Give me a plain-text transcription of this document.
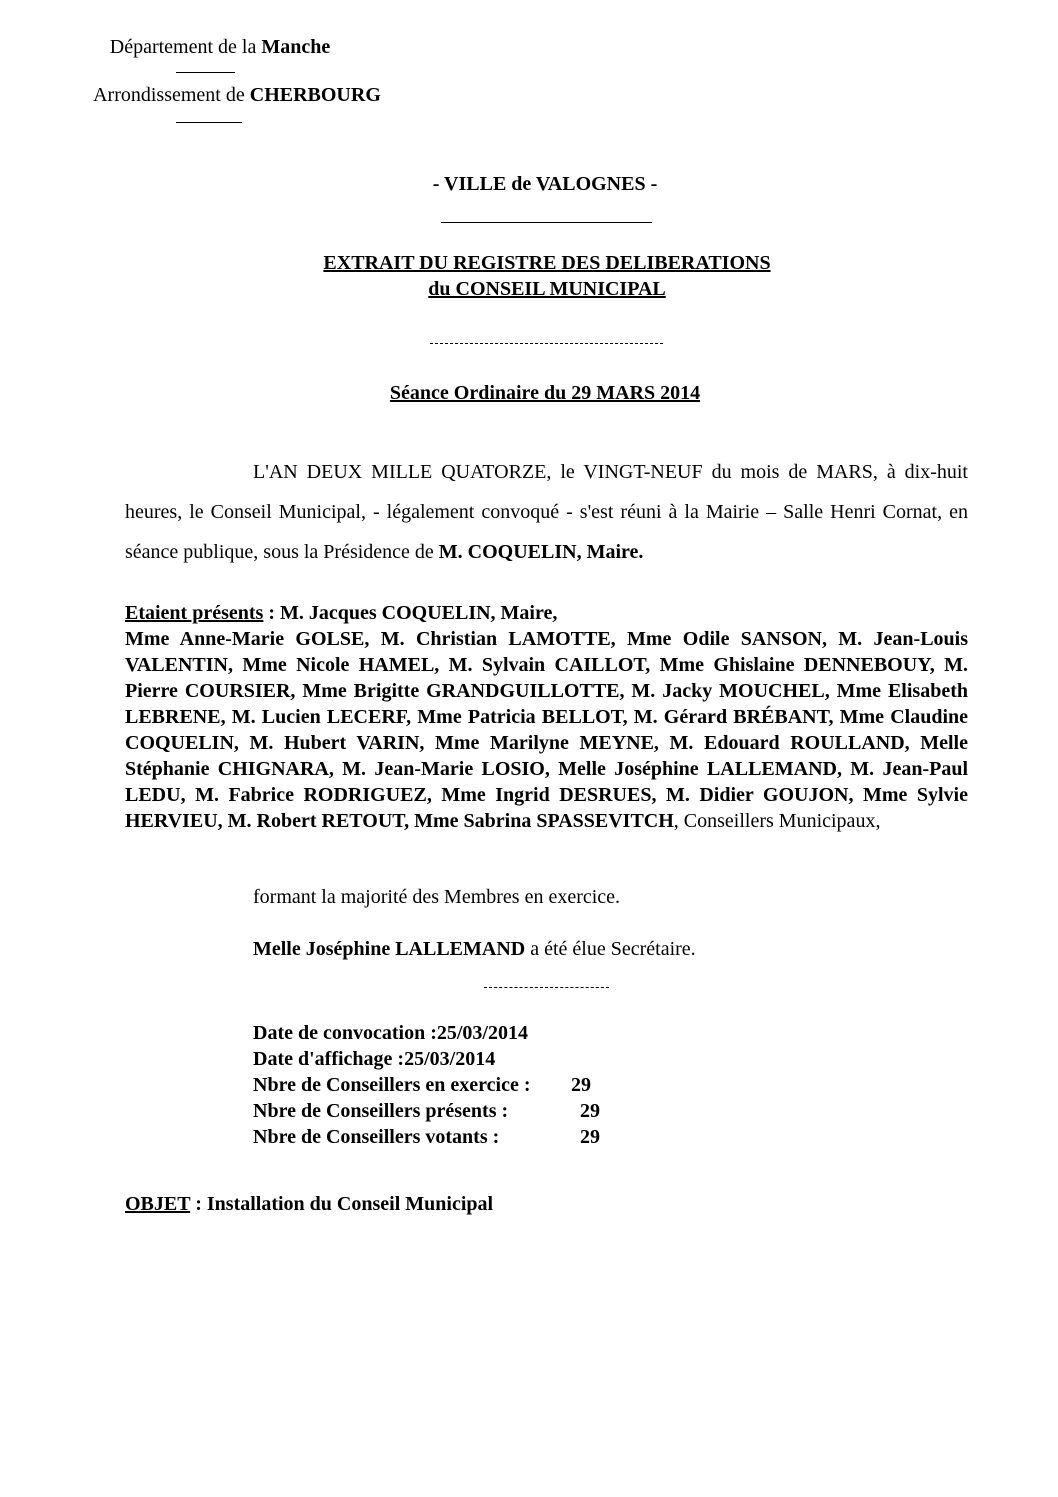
Département de la Manche
Arrondissement de CHERBOURG
- VILLE de VALOGNES -
EXTRAIT DU REGISTRE DES DELIBERATIONS
du CONSEIL MUNICIPAL
Séance Ordinaire du 29 MARS 2014
L'AN DEUX MILLE QUATORZE, le VINGT-NEUF du mois de MARS, à dix-huit heures, le Conseil Municipal, - légalement convoqué - s'est réuni à la Mairie – Salle Henri Cornat, en séance publique, sous la Présidence de M. COQUELIN, Maire.
Etaient présents : M. Jacques COQUELIN, Maire,
Mme Anne-Marie GOLSE, M. Christian LAMOTTE, Mme Odile SANSON, M. Jean-Louis VALENTIN, Mme Nicole HAMEL, M. Sylvain CAILLOT, Mme Ghislaine DENNEBOUY, M. Pierre COURSIER, Mme Brigitte GRANDGUILLOTTE, M. Jacky MOUCHEL, Mme Elisabeth LEBRENE, M. Lucien LECERF, Mme Patricia BELLOT, M. Gérard BRÉBANT, Mme Claudine COQUELIN, M. Hubert VARIN, Mme Marilyne MEYNE, M. Edouard ROULLAND, Melle Stéphanie CHIGNARA, M. Jean-Marie LOSIO, Melle Joséphine LALLEMAND, M. Jean-Paul LEDU, M. Fabrice RODRIGUEZ, Mme Ingrid DESRUES, M. Didier GOUJON, Mme Sylvie HERVIEU, M. Robert RETOUT, Mme Sabrina SPASSEVITCH, Conseillers Municipaux,
formant la majorité des Membres en exercice.
Melle Joséphine LALLEMAND a été élue Secrétaire.
Date de convocation : 25/03/2014
Date d'affichage : 25/03/2014
Nbre de Conseillers en exercice :	29
Nbre de Conseillers présents :	29
Nbre de Conseillers votants :	29
OBJET : Installation du Conseil Municipal
